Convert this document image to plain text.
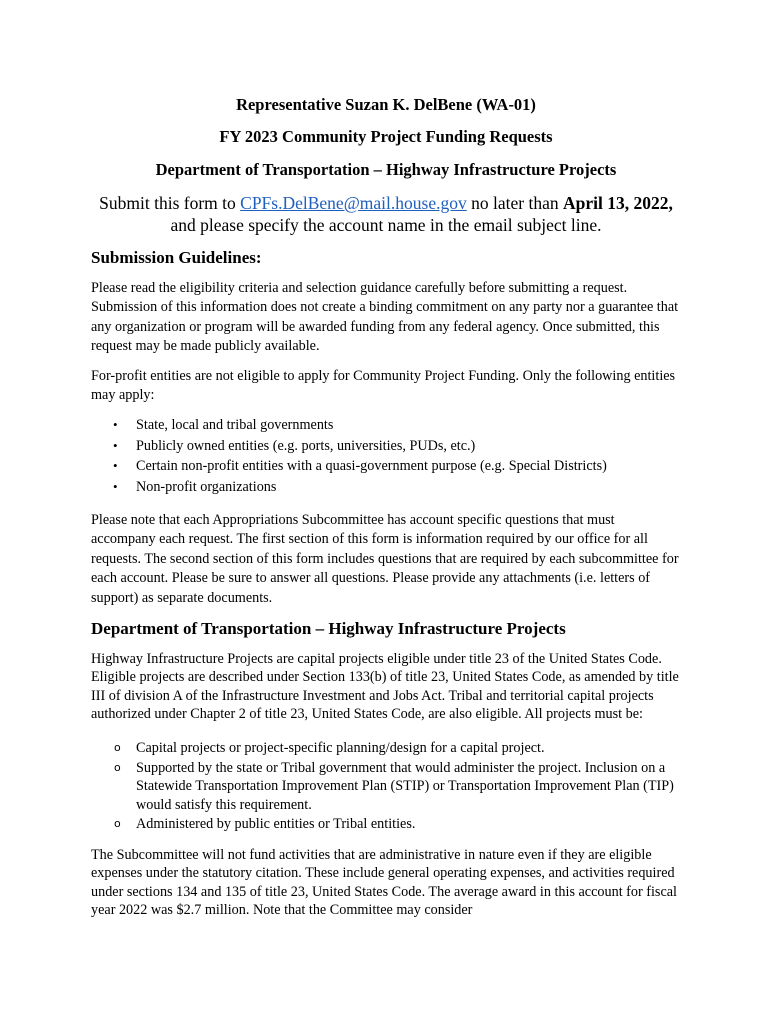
Representative Suzan K. DelBene (WA-01)
FY 2023 Community Project Funding Requests
Department of Transportation – Highway Infrastructure Projects
Submit this form to CPFs.DelBene@mail.house.gov no later than April 13, 2022,
and please specify the account name in the email subject line.
Submission Guidelines:
Please read the eligibility criteria and selection guidance carefully before submitting a request. Submission of this information does not create a binding commitment on any party nor a guarantee that any organization or program will be awarded funding from any federal agency. Once submitted, this request may be made publicly available.
For-profit entities are not eligible to apply for Community Project Funding. Only the following entities may apply:
• State, local and tribal governments
• Publicly owned entities (e.g. ports, universities, PUDs, etc.)
• Certain non-profit entities with a quasi-government purpose (e.g. Special Districts)
• Non-profit organizations
Please note that each Appropriations Subcommittee has account specific questions that must accompany each request. The first section of this form is information required by our office for all requests. The second section of this form includes questions that are required by each subcommittee for each account. Please be sure to answer all questions. Please provide any attachments (i.e. letters of support) as separate documents.
Department of Transportation – Highway Infrastructure Projects
Highway Infrastructure Projects are capital projects eligible under title 23 of the United States Code. Eligible projects are described under Section 133(b) of title 23, United States Code, as amended by title III of division A of the Infrastructure Investment and Jobs Act. Tribal and territorial capital projects authorized under Chapter 2 of title 23, United States Code, are also eligible. All projects must be:
o Capital projects or project-specific planning/design for a capital project.
o Supported by the state or Tribal government that would administer the project. Inclusion on a Statewide Transportation Improvement Plan (STIP) or Transportation Improvement Plan (TIP) would satisfy this requirement.
o Administered by public entities or Tribal entities.
The Subcommittee will not fund activities that are administrative in nature even if they are eligible expenses under the statutory citation. These include general operating expenses, and activities required under sections 134 and 135 of title 23, United States Code. The average award in this account for fiscal year 2022 was $2.7 million. Note that the Committee may consider
